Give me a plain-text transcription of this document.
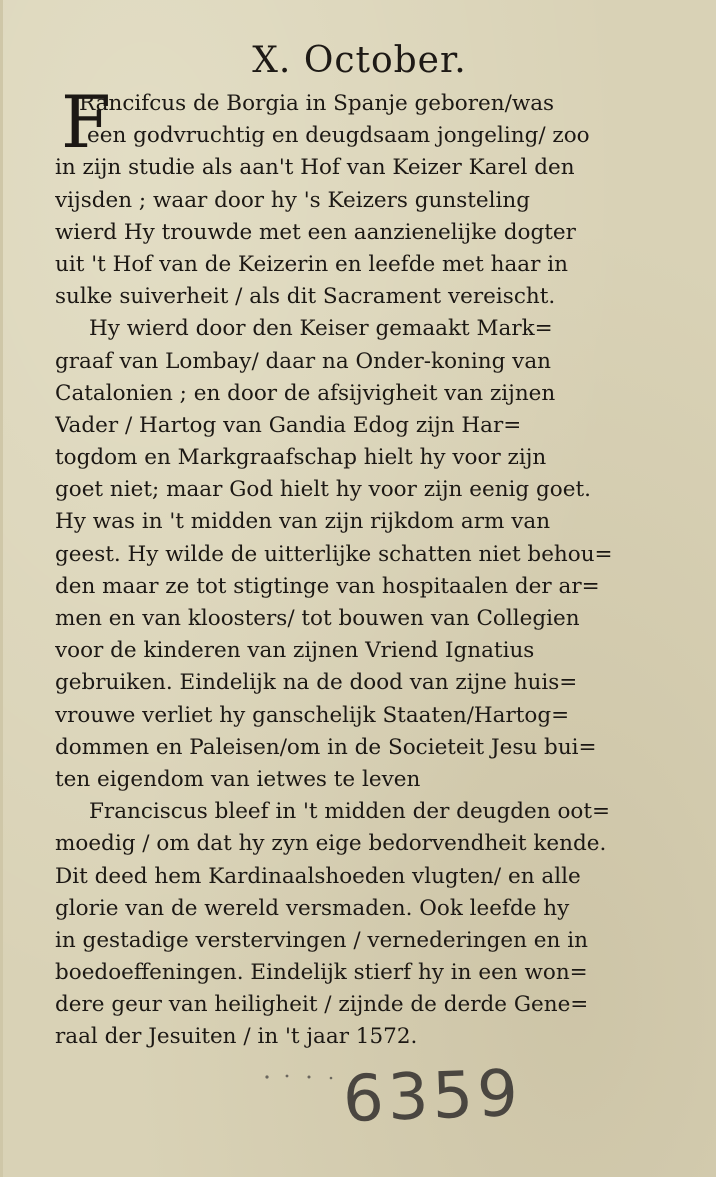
X. October.
F
Rancifcus de Borgia in Spanje geboren/was
een godvruchtig en deugdsaam jongeling/ zoo
in zijn studie als aan't Hof van Keizer Karel den
vijsden ; waar door hy 's Keizers gunsteling
wierd Hy trouwde met een aanzienelijke dogter
uit 't Hof van de Keizerin en leefde met haar in
sulke suiverheit / als dit Sacrament vereischt.
Hy wierd door den Keiser gemaakt Mark=
graaf van Lombay/ daar na Onder-koning van
Catalonien ; en door de afsijvigheit van zijnen
Vader / Hartog van Gandia Edog zijn Har=
togdom en Markgraafschap hielt hy voor zijn
goet niet; maar God hielt hy voor zijn eenig goet.
Hy was in 't midden van zijn rijkdom arm van
geest. Hy wilde de uitterlijke schatten niet behou=
den maar ze tot stigtinge van hospitaalen der ar=
men en van kloosters/ tot bouwen van Collegien
voor de kinderen van zijnen Vriend Ignatius
gebruiken. Eindelijk na de dood van zijne huis=
vrouwe verliet hy ganschelijk Staaten/Hartog=
dommen en Paleisen/om in de Societeit Jesu bui=
ten eigendom van ietwes te leven
Franciscus bleef in 't midden der deugden oot=
moedig / om dat hy zyn eige bedorvendheit kende.
Dit deed hem Kardinaalshoeden vlugten/ en alle
glorie van de wereld versmaden. Ook leefde hy
in gestadige verstervingen / vernederingen en in
boedoeffeningen. Eindelijk stierf hy in een won=
dere geur van heiligheit / zijnde de derde Gene=
raal der Jesuiten / in 't jaar 1572.
6359
